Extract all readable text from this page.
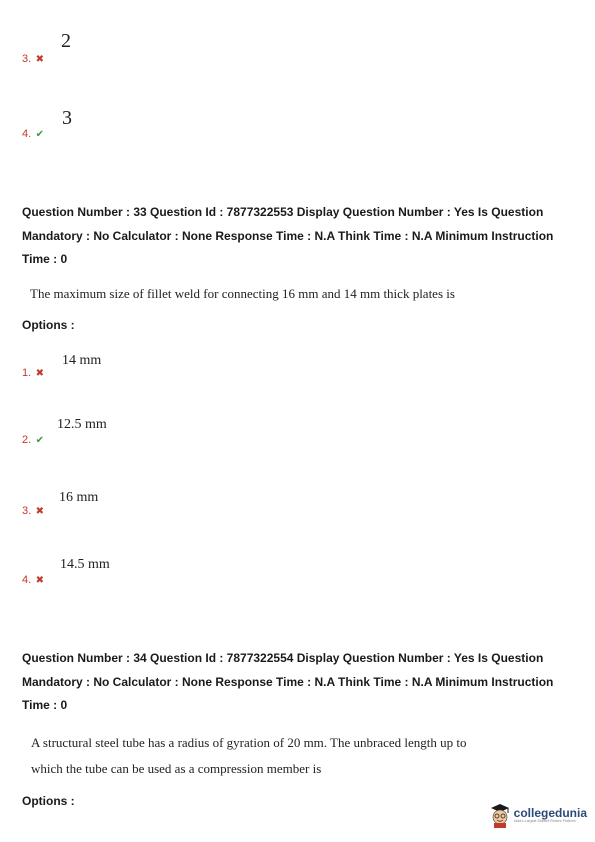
3. ✖
2
4. ✔
3
Question Number : 33 Question Id : 7877322553 Display Question Number : Yes Is Question Mandatory : No Calculator : None Response Time : N.A Think Time : N.A Minimum Instruction Time : 0
The maximum size of fillet weld for connecting 16 mm and 14 mm thick plates is
Options :
1. ✖
14 mm
2. ✔
12.5 mm
3. ✖
16 mm
4. ✖
14.5 mm
Question Number : 34 Question Id : 7877322554 Display Question Number : Yes Is Question Mandatory : No Calculator : None Response Time : N.A Think Time : N.A Minimum Instruction Time : 0
A structural steel tube has a radius of gyration of 20 mm. The unbraced length up to
which the tube can be used as a compression member is
Options :
collegedunia
India's Largest Student Review Platform
